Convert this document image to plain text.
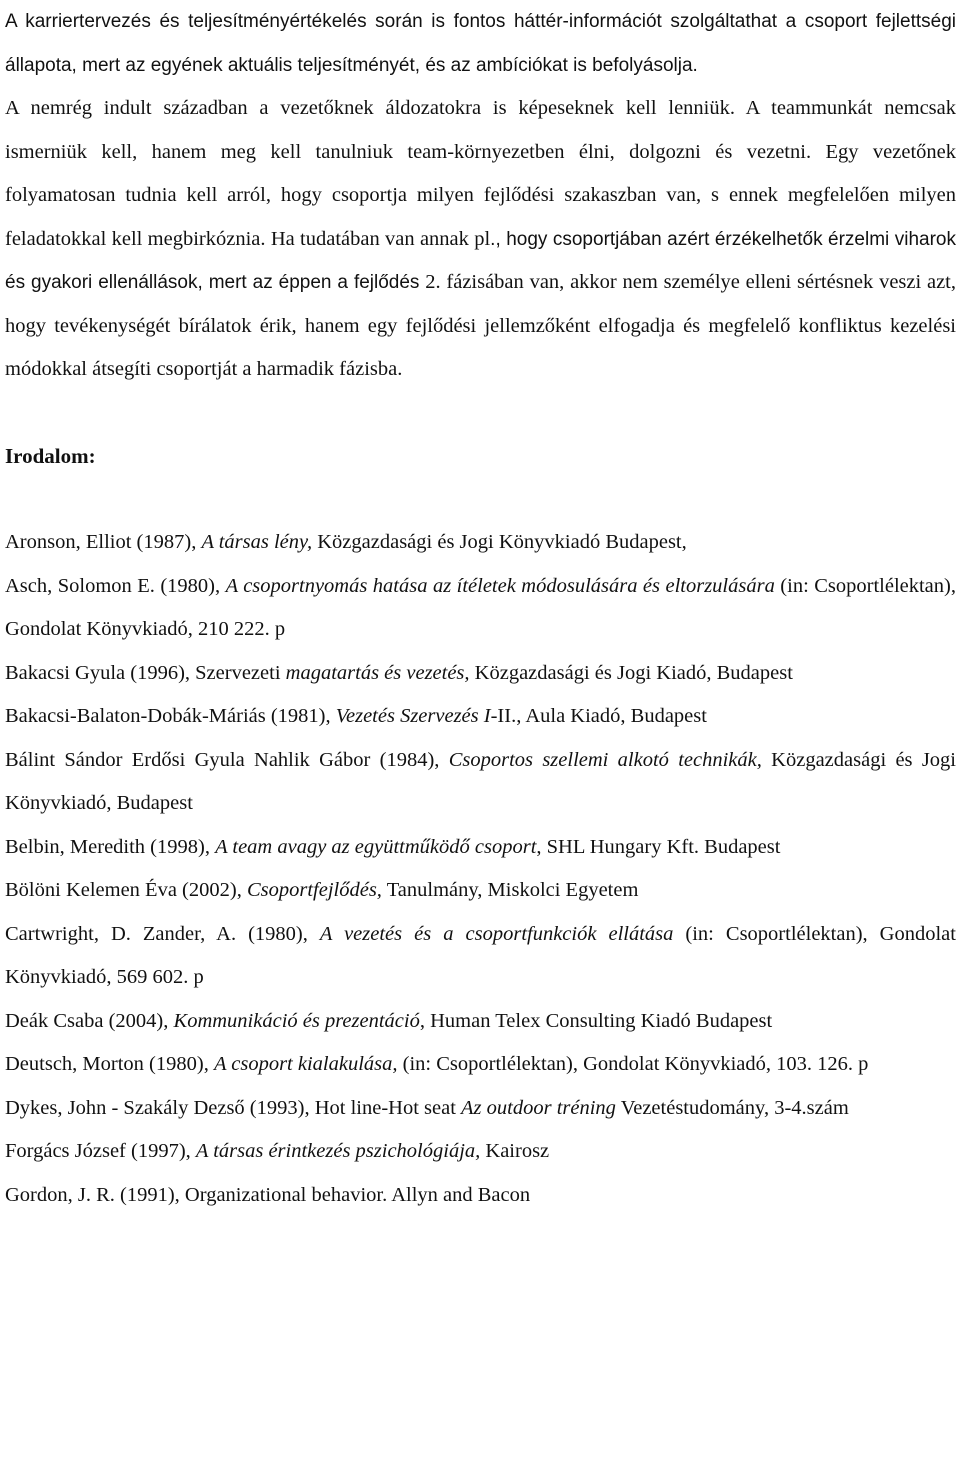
A karriertervezés és teljesítményértékelés során is fontos háttér-információt szolgáltathat a csoport fejlettségi állapota, mert az egyének aktuális teljesítményét, és az ambíciókat is befolyásolja.
A nemrég indult században a vezetőknek áldozatokra is képeseknek kell lenniük. A teammunkát nemcsak ismerniük kell, hanem meg kell tanulniuk team-környezetben élni, dolgozni és vezetni. Egy vezetőnek folyamatosan tudnia kell arról, hogy csoportja milyen fejlődési szakaszban van, s ennek megfelelően milyen feladatokkal kell megbirkóznia. Ha tudatában van annak pl., hogy csoportjában azért érzékelhetők érzelmi viharok és gyakori ellenállások, mert az éppen a fejlődés 2. fázisában van, akkor nem személye elleni sértésnek veszi azt, hogy tevékenységét bírálatok érik, hanem egy fejlődési jellemzőként elfogadja és megfelelő konfliktus kezelési módokkal átsegíti csoportját a harmadik fázisba.

Irodalom:

Aronson, Elliot (1987), A társas lény, Közgazdasági és Jogi Könyvkiadó Budapest,

Asch, Solomon E. (1980), A csoportnyomás hatása az ítéletek módosulására és eltorzulására (in: Csoportlélektan), Gondolat Könyvkiadó, 210 222. p

Bakacsi Gyula (1996), Szervezeti magatartás és vezetés, Közgazdasági és Jogi Kiadó, Budapest

Bakacsi-Balaton-Dobák-Máriás (1981), Vezetés Szervezés I-II., Aula Kiadó, Budapest

Bálint Sándor Erdősi Gyula Nahlik Gábor (1984), Csoportos szellemi alkotó technikák, Közgazdasági és Jogi Könyvkiadó, Budapest

Belbin, Meredith (1998), A team avagy az együttműködő csoport, SHL Hungary Kft. Budapest

Bölöni Kelemen Éva (2002), Csoportfejlődés, Tanulmány, Miskolci Egyetem

Cartwright, D. Zander, A. (1980), A vezetés és a csoportfunkciók ellátása (in: Csoportlélektan), Gondolat Könyvkiadó, 569 602. p

Deák Csaba (2004), Kommunikáció és prezentáció, Human Telex Consulting Kiadó Budapest

Deutsch, Morton (1980), A csoport kialakulása, (in: Csoportlélektan), Gondolat Könyvkiadó, 103. 126. p

Dykes, John - Szakály Dezső (1993), Hot line-Hot seat Az outdoor tréning Vezetéstudomány, 3-4.szám

Forgács József (1997), A társas érintkezés pszichológiája, Kairosz

Gordon, J. R. (1991), Organizational behavior. Allyn and Bacon
